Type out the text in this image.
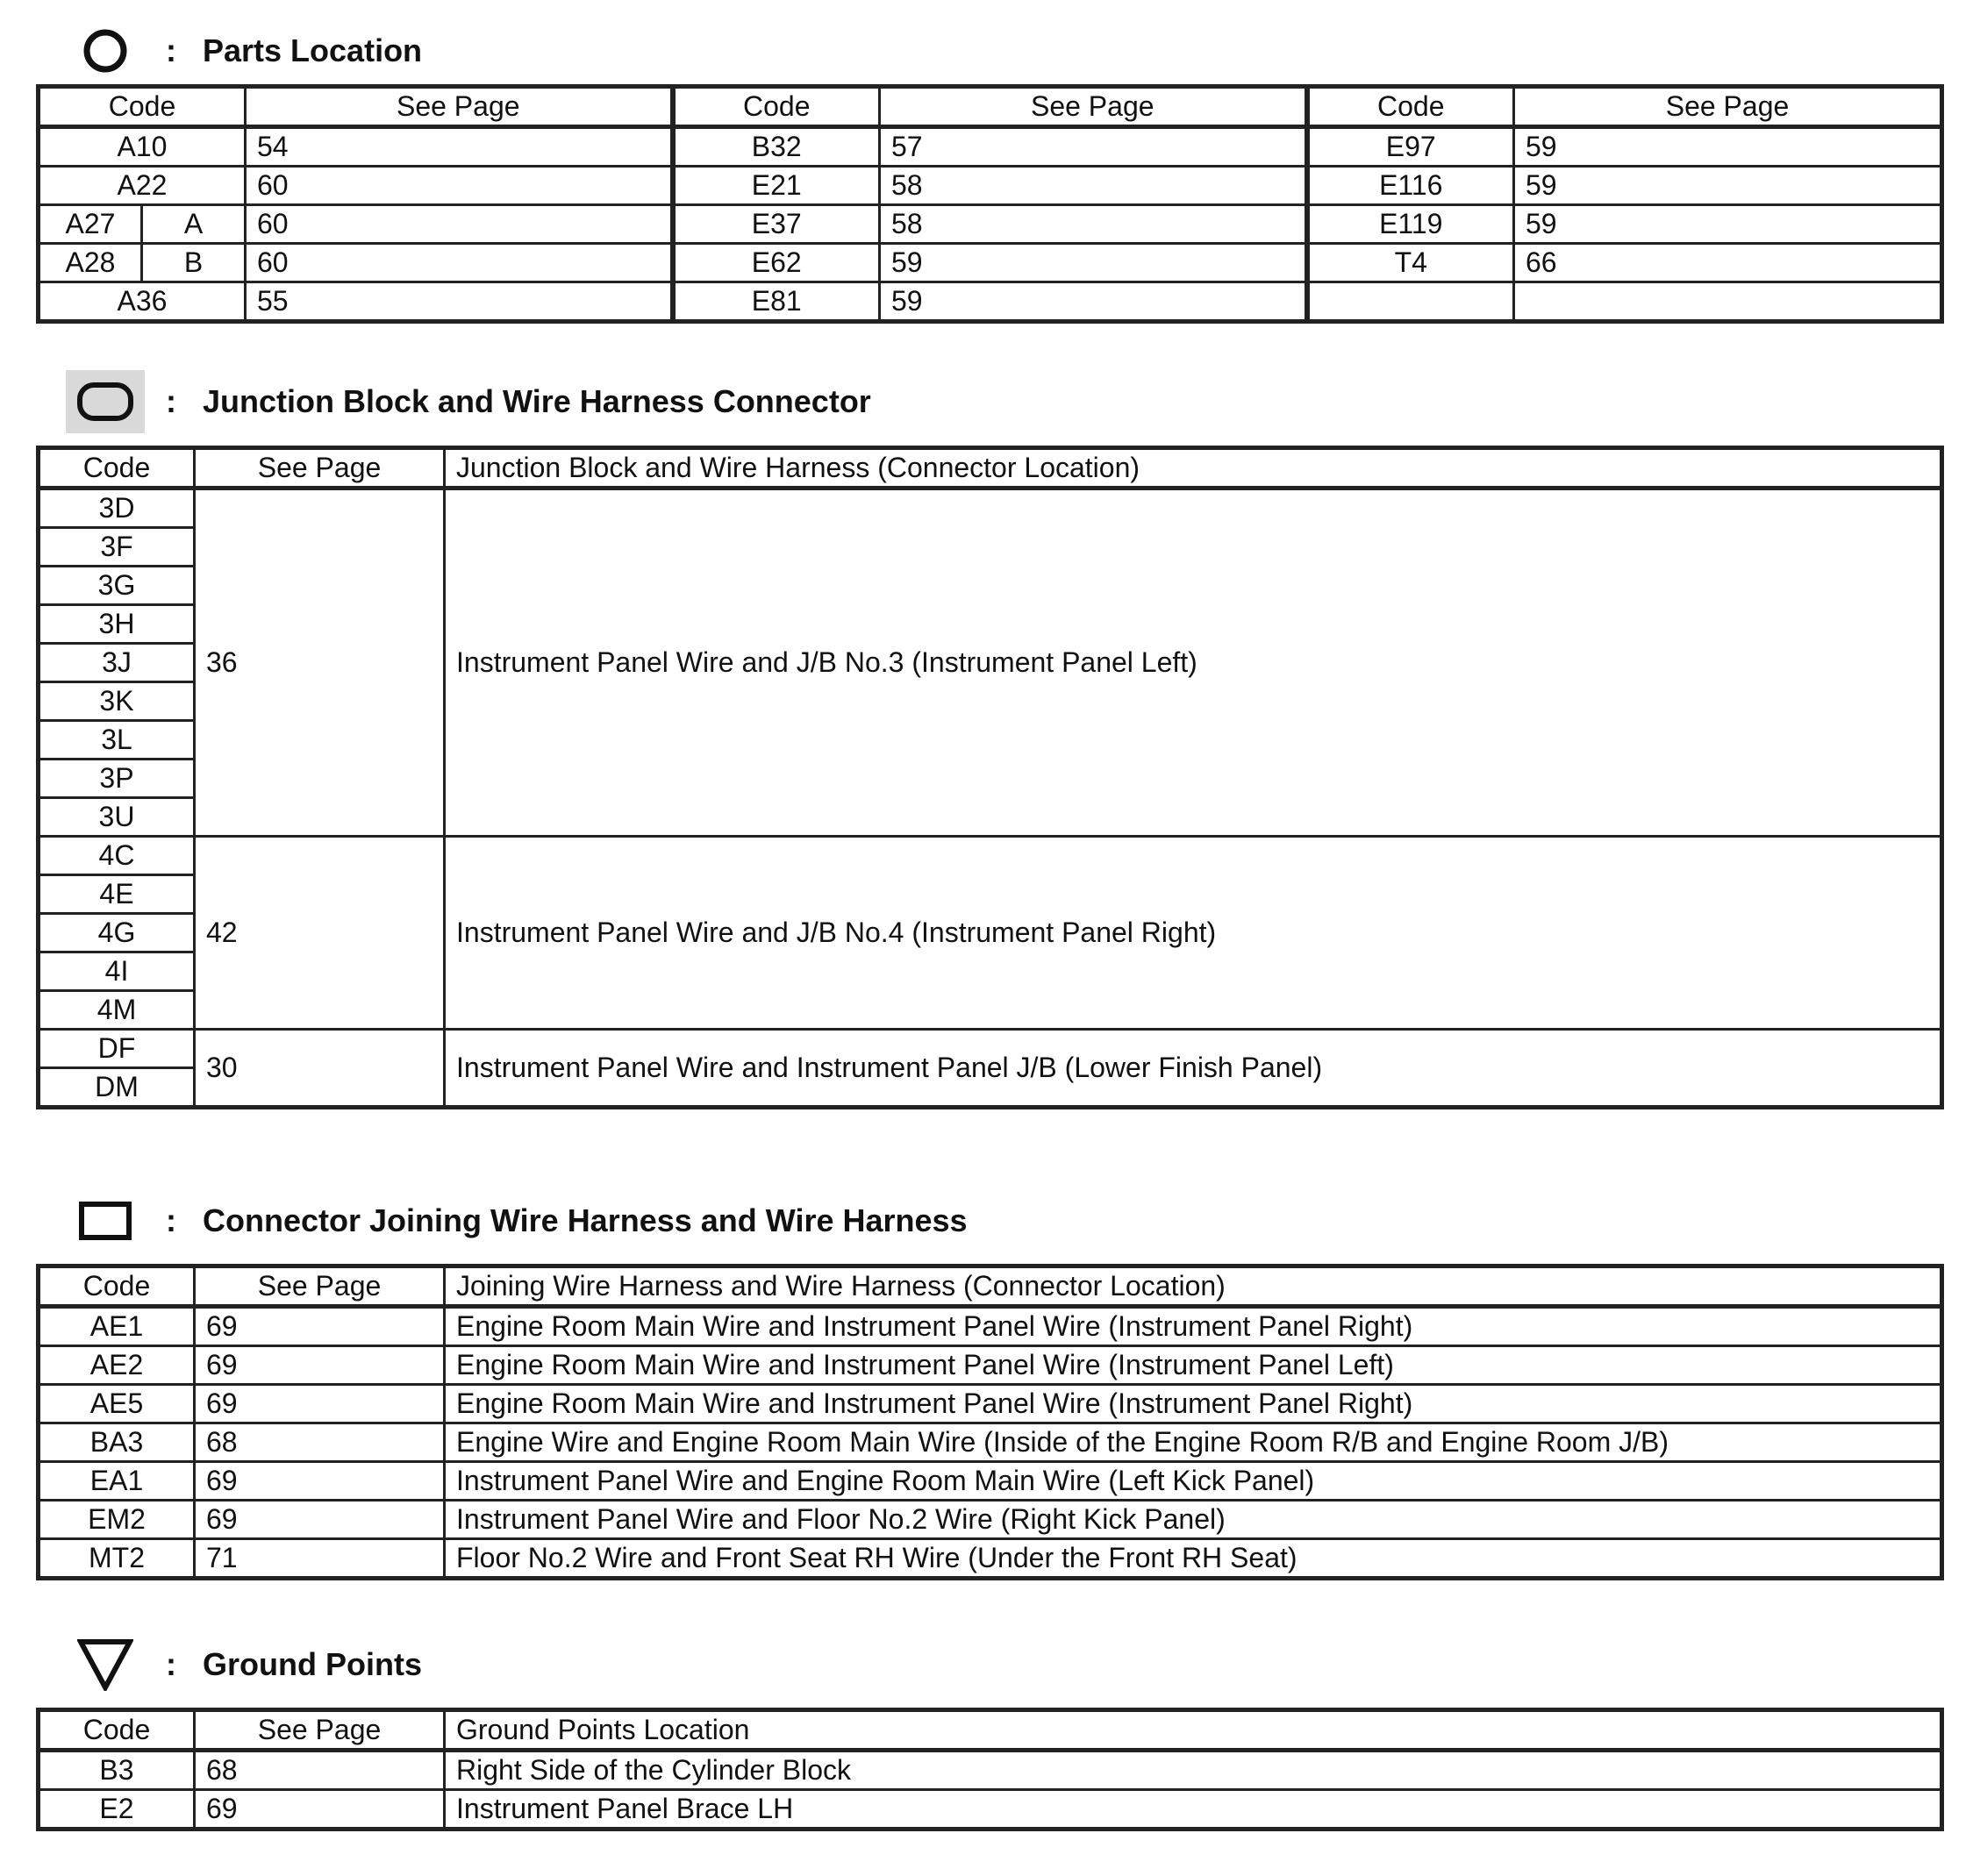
: Parts Location
Code		See Page	Code	See Page	Code	See Page
A10		54	B32	57	E97	59
A22		60	E21	58	E116	59
A27	A	60	E37	58	E119	59
A28	B	60	E62	59	T4	66
A36		55	E81	59		
: Junction Block and Wire Harness Connector
Code	See Page	Junction Block and Wire Harness (Connector Location)
3D	36	Instrument Panel Wire and J/B No.3 (Instrument Panel Left)
3F		
3G		
3H		
3J		
3K		
3L		
3P		
3U		
4C	42	Instrument Panel Wire and J/B No.4 (Instrument Panel Right)
4E		
4G		
4I		
4M		
DF	30	Instrument Panel Wire and Instrument Panel J/B (Lower Finish Panel)
DM		
: Connector Joining Wire Harness and Wire Harness
Code	See Page	Joining Wire Harness and Wire Harness (Connector Location)
AE1	69	Engine Room Main Wire and Instrument Panel Wire (Instrument Panel Right)
AE2	69	Engine Room Main Wire and Instrument Panel Wire (Instrument Panel Left)
AE5	69	Engine Room Main Wire and Instrument Panel Wire (Instrument Panel Right)
BA3	68	Engine Wire and Engine Room Main Wire (Inside of the Engine Room R/B and Engine Room J/B)
EA1	69	Instrument Panel Wire and Engine Room Main Wire (Left Kick Panel)
EM2	69	Instrument Panel Wire and Floor No.2 Wire (Right Kick Panel)
MT2	71	Floor No.2 Wire and Front Seat RH Wire (Under the Front RH Seat)
: Ground Points
Code	See Page	Ground Points Location
B3	68	Right Side of the Cylinder Block
E2	69	Instrument Panel Brace LH
